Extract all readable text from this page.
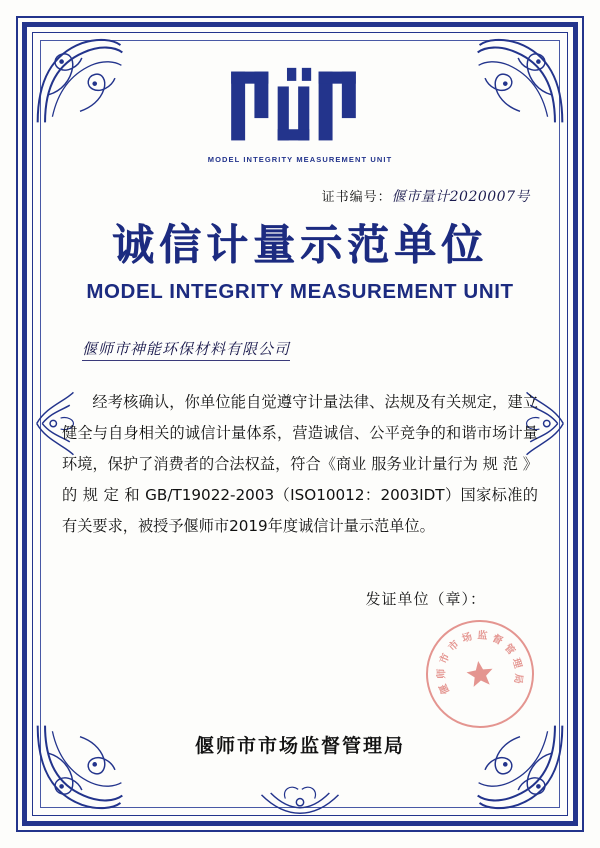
MODEL INTEGRITY MEASUREMENT UNIT
证书编号：偃市量计2020007号
诚信计量示范单位
MODEL INTEGRITY MEASUREMENT UNIT
偃师市神能环保材料有限公司

经考核确认，你单位能自觉遵守计量法律、法规及有关规定，建立健全与自身相关的诚信计量体系，营造诚信、公平竞争的和谐市场计量环境，保护了消费者的合法权益，符合《商业 服务业计量行为 规 范 》 的 规 定 和 GB/T19022-2003（ISO10012：2003IDT）国家标准的有关要求，被授予偃师市2019年度诚信计量示范单位。

发证单位（章）：
偃师市市场监督管理局
偃
师
市
市
场 监 督
管
理
局
